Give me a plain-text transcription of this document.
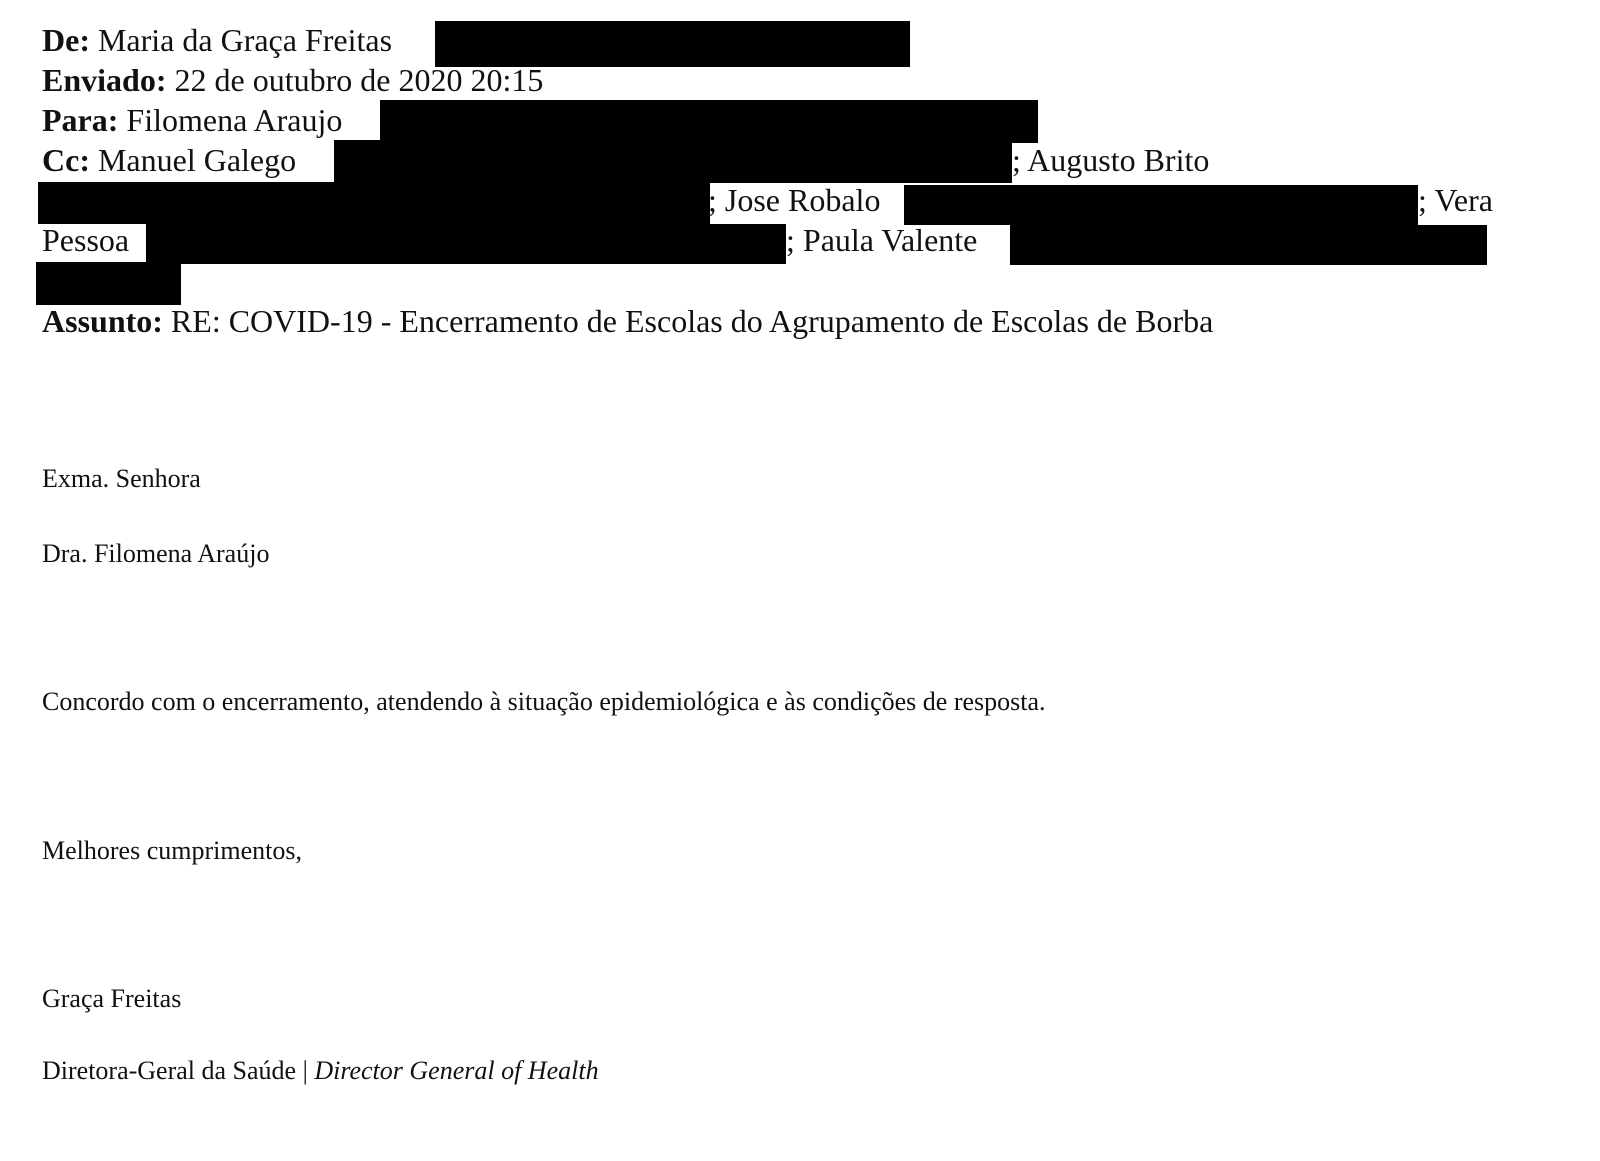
De: Maria da Graça Freitas
Enviado: 22 de outubro de 2020 20:15
Para: Filomena Araujo
Cc: Manuel Galego	; Augusto Brito
; Jose Robalo	; Vera
Pessoa	; Paula Valente
Assunto: RE: COVID-19 - Encerramento de Escolas do Agrupamento de Escolas de Borba
Exma. Senhora
Dra. Filomena Araújo
Concordo com o encerramento, atendendo à situação epidemiológica e às condições de resposta.
Melhores cumprimentos,
Graça Freitas
Diretora-Geral da Saúde | Director General of Health
